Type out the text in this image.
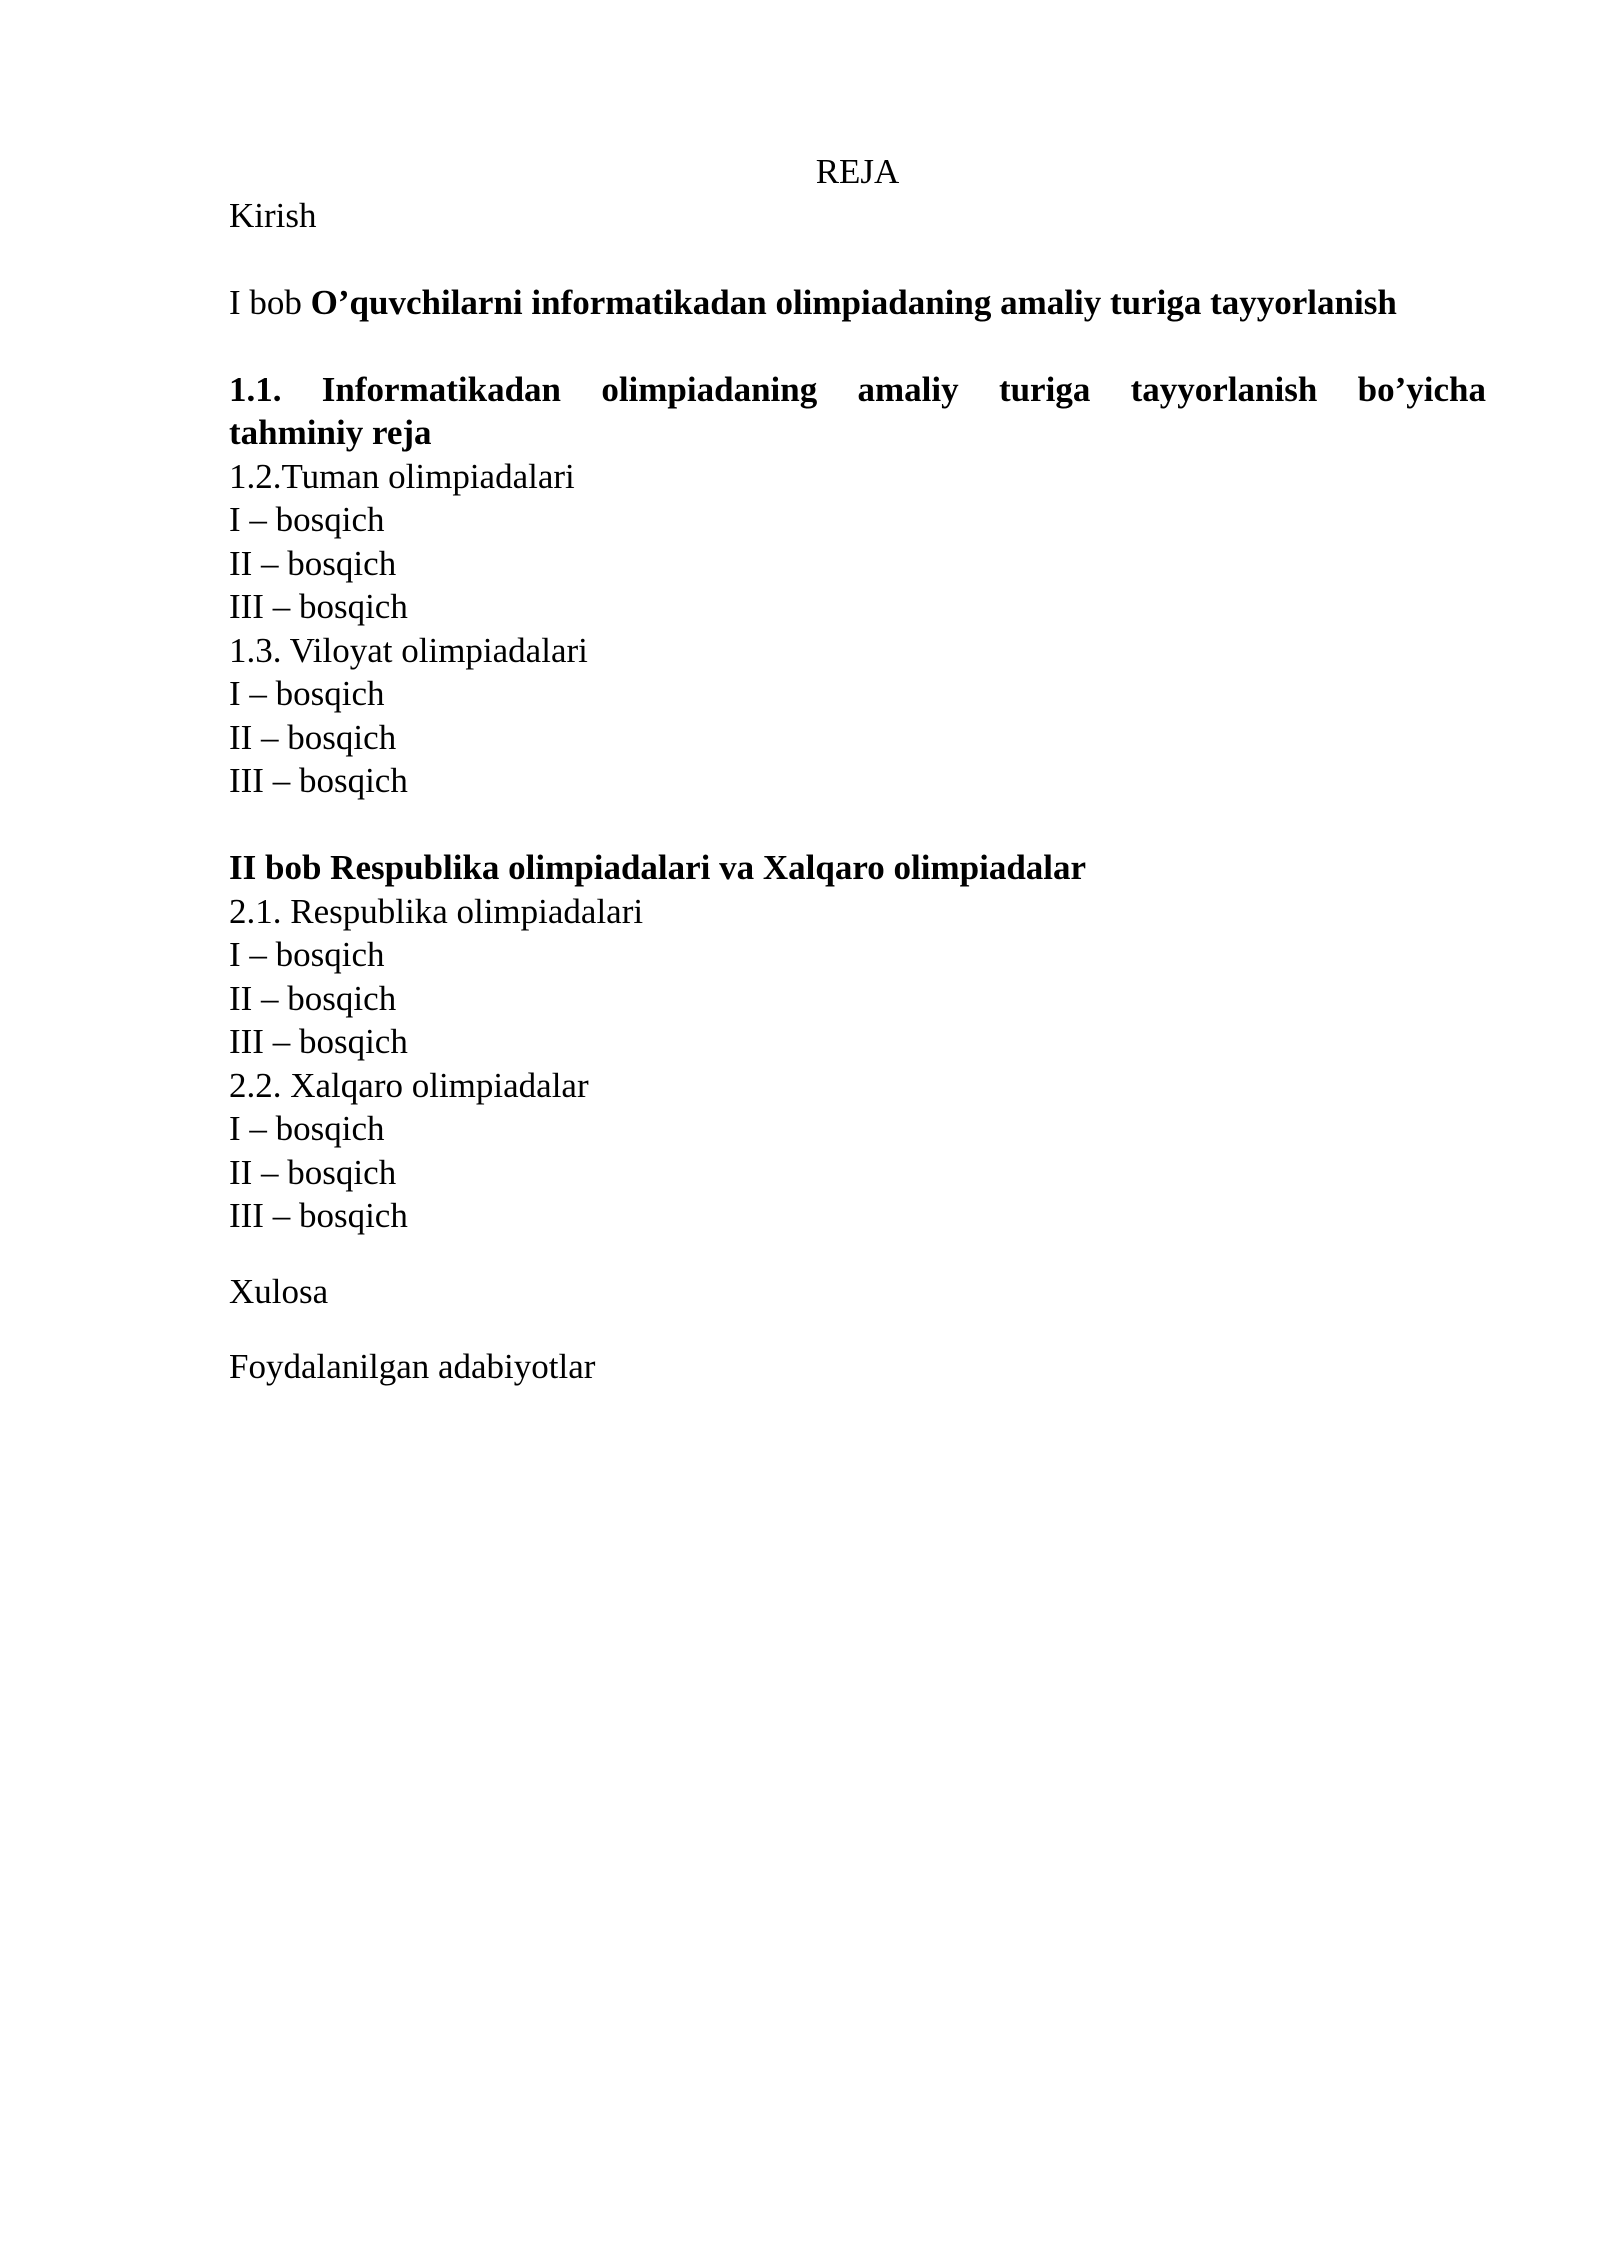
REJA
Kirish
I bob O’quvchilarni informatikadan olimpiadaning amaliy turiga tayyorlanish
1.1. Informatikadan olimpiadaning amaliy turiga tayyorlanish bo’yicha
tahminiy reja
1.2.Tuman olimpiadalari
I – bosqich
II – bosqich
III – bosqich
1.3. Viloyat olimpiadalari
I – bosqich
II – bosqich
III – bosqich
II bob Respublika olimpiadalari va Xalqaro olimpiadalar
2.1. Respublika olimpiadalari
I – bosqich
II – bosqich
III – bosqich
2.2. Xalqaro olimpiadalar
I – bosqich
II – bosqich
III – bosqich
Xulosa
Foydalanilgan adabiyotlar
